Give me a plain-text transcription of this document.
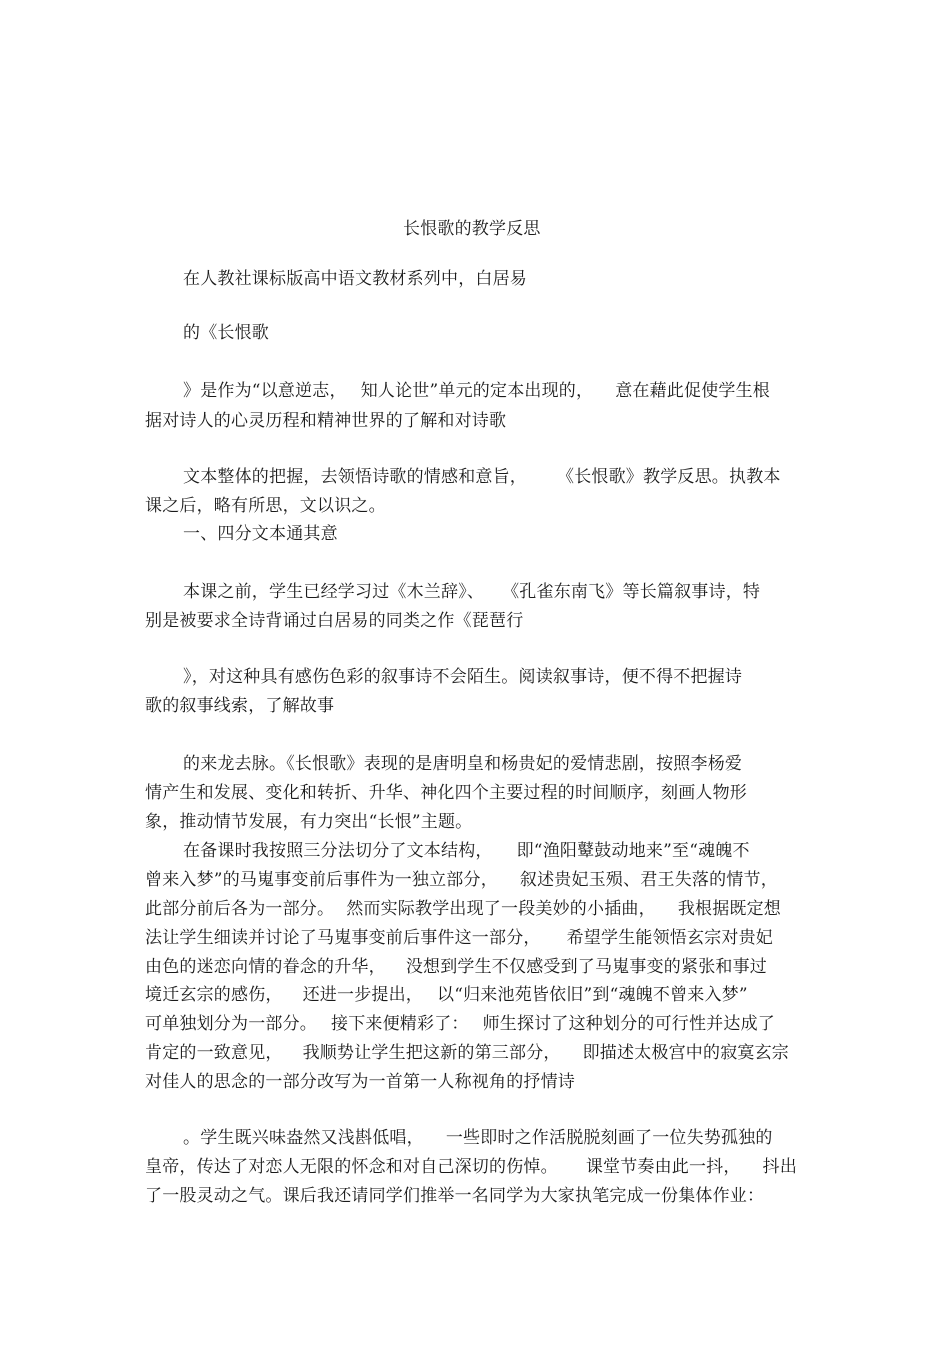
长恨歌的教学反思
在人教社课标版高中语文教材系列中，白居易
的《长恨歌
》是作为“以意逆志， 知人论世”单元的定本出现的， 意在藉此促使学生根
据对诗人的心灵历程和精神世界的了解和对诗歌
文本整体的把握，去领悟诗歌的情感和意旨， 《长恨歌》教学反思。执教本
课之后，略有所思，文以识之。
一、四分文本通其意
本课之前，学生已经学习过《木兰辞》、 《孔雀东南飞》等长篇叙事诗，特
别是被要求全诗背诵过白居易的同类之作《琵琶行
》，对这种具有感伤色彩的叙事诗不会陌生。阅读叙事诗，便不得不把握诗
歌的叙事线索，了解故事
的来龙去脉。《长恨歌》表现的是唐明皇和杨贵妃的爱情悲剧，按照李杨爱
情产生和发展、变化和转折、升华、神化四个主要过程的时间顺序，刻画人物形
象，推动情节发展，有力突出“长恨”主题。
在备课时我按照三分法切分了文本结构， 即“渔阳鼙鼓动地来”至“魂魄不
曾来入梦”的马嵬事变前后事件为一独立部分， 叙述贵妃玉殒、君王失落的情节，
此部分前后各为一部分。 然而实际教学出现了一段美妙的小插曲， 我根据既定想
法让学生细读并讨论了马嵬事变前后事件这一部分， 希望学生能领悟玄宗对贵妃
由色的迷恋向情的眷念的升华， 没想到学生不仅感受到了马嵬事变的紧张和事过
境迁玄宗的感伤， 还进一步提出， 以“归来池苑皆依旧”到“魂魄不曾来入梦”
可单独划分为一部分。 接下来便精彩了： 师生探讨了这种划分的可行性并达成了
肯定的一致意见， 我顺势让学生把这新的第三部分， 即描述太极宫中的寂寞玄宗
对佳人的思念的一部分改写为一首第一人称视角的抒情诗
。学生既兴味盎然又浅斟低唱， 一些即时之作活脱脱刻画了一位失势孤独的
皇帝，传达了对恋人无限的怀念和对自己深切的伤悼。 课堂节奏由此一抖， 抖出
了一股灵动之气。课后我还请同学们推举一名同学为大家执笔完成一份集体作业：
